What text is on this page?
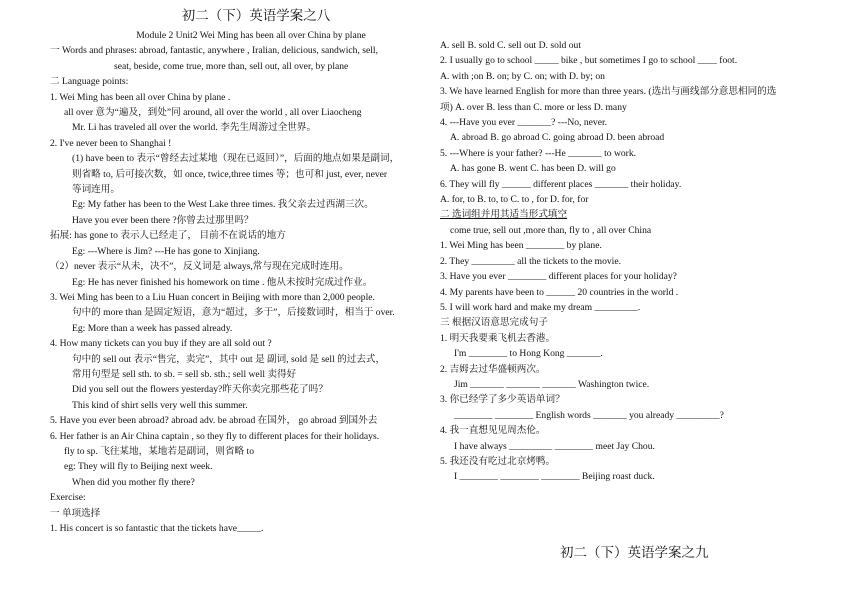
初二（下）英语学案之八
Module 2 Unit2 Wei Ming has been all over China by plane
一 Words and phrases: abroad, fantastic, anywhere , Iralian, delicious, sandwich, sell,
seat, beside, come true, more than, sell out, all over, by plane
二 Language points:
1. Wei Ming has been all over China by plane .
all over 意为“遍及，到处”同 around, all over the world , all over Liaocheng
Mr. Li has traveled all over the world. 李先生周游过全世界。
2. I've never been to Shanghai !
(1) have been to 表示“曾经去过某地（现在已返回）”，后面的地点如果是副词，
则省略 to, 后可接次数，如 once, twice,three times 等；也可和 just, ever, never
等词连用。
Eg: My father has been to the West Lake three times. 我父亲去过西湖三次。
Have you ever been there ?你曾去过那里吗？
拓展: has gone to 表示人已经走了， 目前不在说话的地方
Eg: ---Where is Jim? ---He has gone to Xinjiang.
（2）never 表示“从未，决不”，反义词是 always,常与现在完成时连用。
Eg: He has never finished his homework on time . 他从未按时完成过作业。
3. Wei Ming has been to a Liu Huan concert in Beijing with more than 2,000 people.
句中的 more than 是固定短语，意为“超过，多于”，后接数词时，相当于 over.
Eg: More than a week has passed already.
4. How many tickets can you buy if they are all sold out ?
句中的 sell out 表示“售完，卖完”，其中 out 是 副词, sold 是 sell 的过去式，
常用句型是 sell sth. to sb. = sell sb. sth.; sell well 卖得好
Did you sell out the flowers yesterday?昨天你卖完那些花了吗？
This kind of shirt sells very well this summer.
5. Have you ever been abroad? abroad adv. be abroad 在国外， go abroad 到国外去
6. Her father is an Air China captain , so they fly to different places for their holidays.
fly to sp. 飞往某地，某地若是副词，则省略 to
eg: They will fly to Beijing next week.
When did you mother fly there?
Exercise:
一 单项选择
1. His concert is so fantastic that the tickets have_____.
A. sell B. sold C. sell out D. sold out
2. I usually go to school _____ bike , but sometimes I go to school ____ foot.
A. with ;on B. on; by C. on; with D. by; on
3. We have learned English for more than three years. (选出与画线部分意思相同的选
项) A. over B. less than C. more or less D. many
4. ---Have you ever _______? ---No, never.
A. abroad B. go abroad C. going abroad D. been abroad
5. ---Where is your father? ---He _______ to work.
A. has gone B. went C. has been D. will go
6. They will fly ______ different places _______ their holiday.
A. for, to B. to, to C. to , for D. for, for
二 选词组并用其适当形式填空
come true, sell out ,more than, fly to , all over China
1. Wei Ming has been ________ by plane.
2. They _________ all the tickets to the movie.
3. Have you ever ________ different places for your holiday?
4. My parents have been to ______ 20 countries in the world .
5. I will work hard and make my dream _________.
三 根据汉语意思完成句子
1. 明天我要乘飞机去香港。
I'm ________ to Hong Kong _______.
2. 吉姆去过华盛顿两次。
Jim _______ _______ _______ Washington twice.
3. 你已经学了多少英语单词？
________ ________ English words _______ you already _________?
4. 我一直想见见周杰伦。
I have always _________ ________ meet Jay Chou.
5. 我还没有吃过北京烤鸭。
I ________ ________ ________ Beijing roast duck.
初二（下）英语学案之九
